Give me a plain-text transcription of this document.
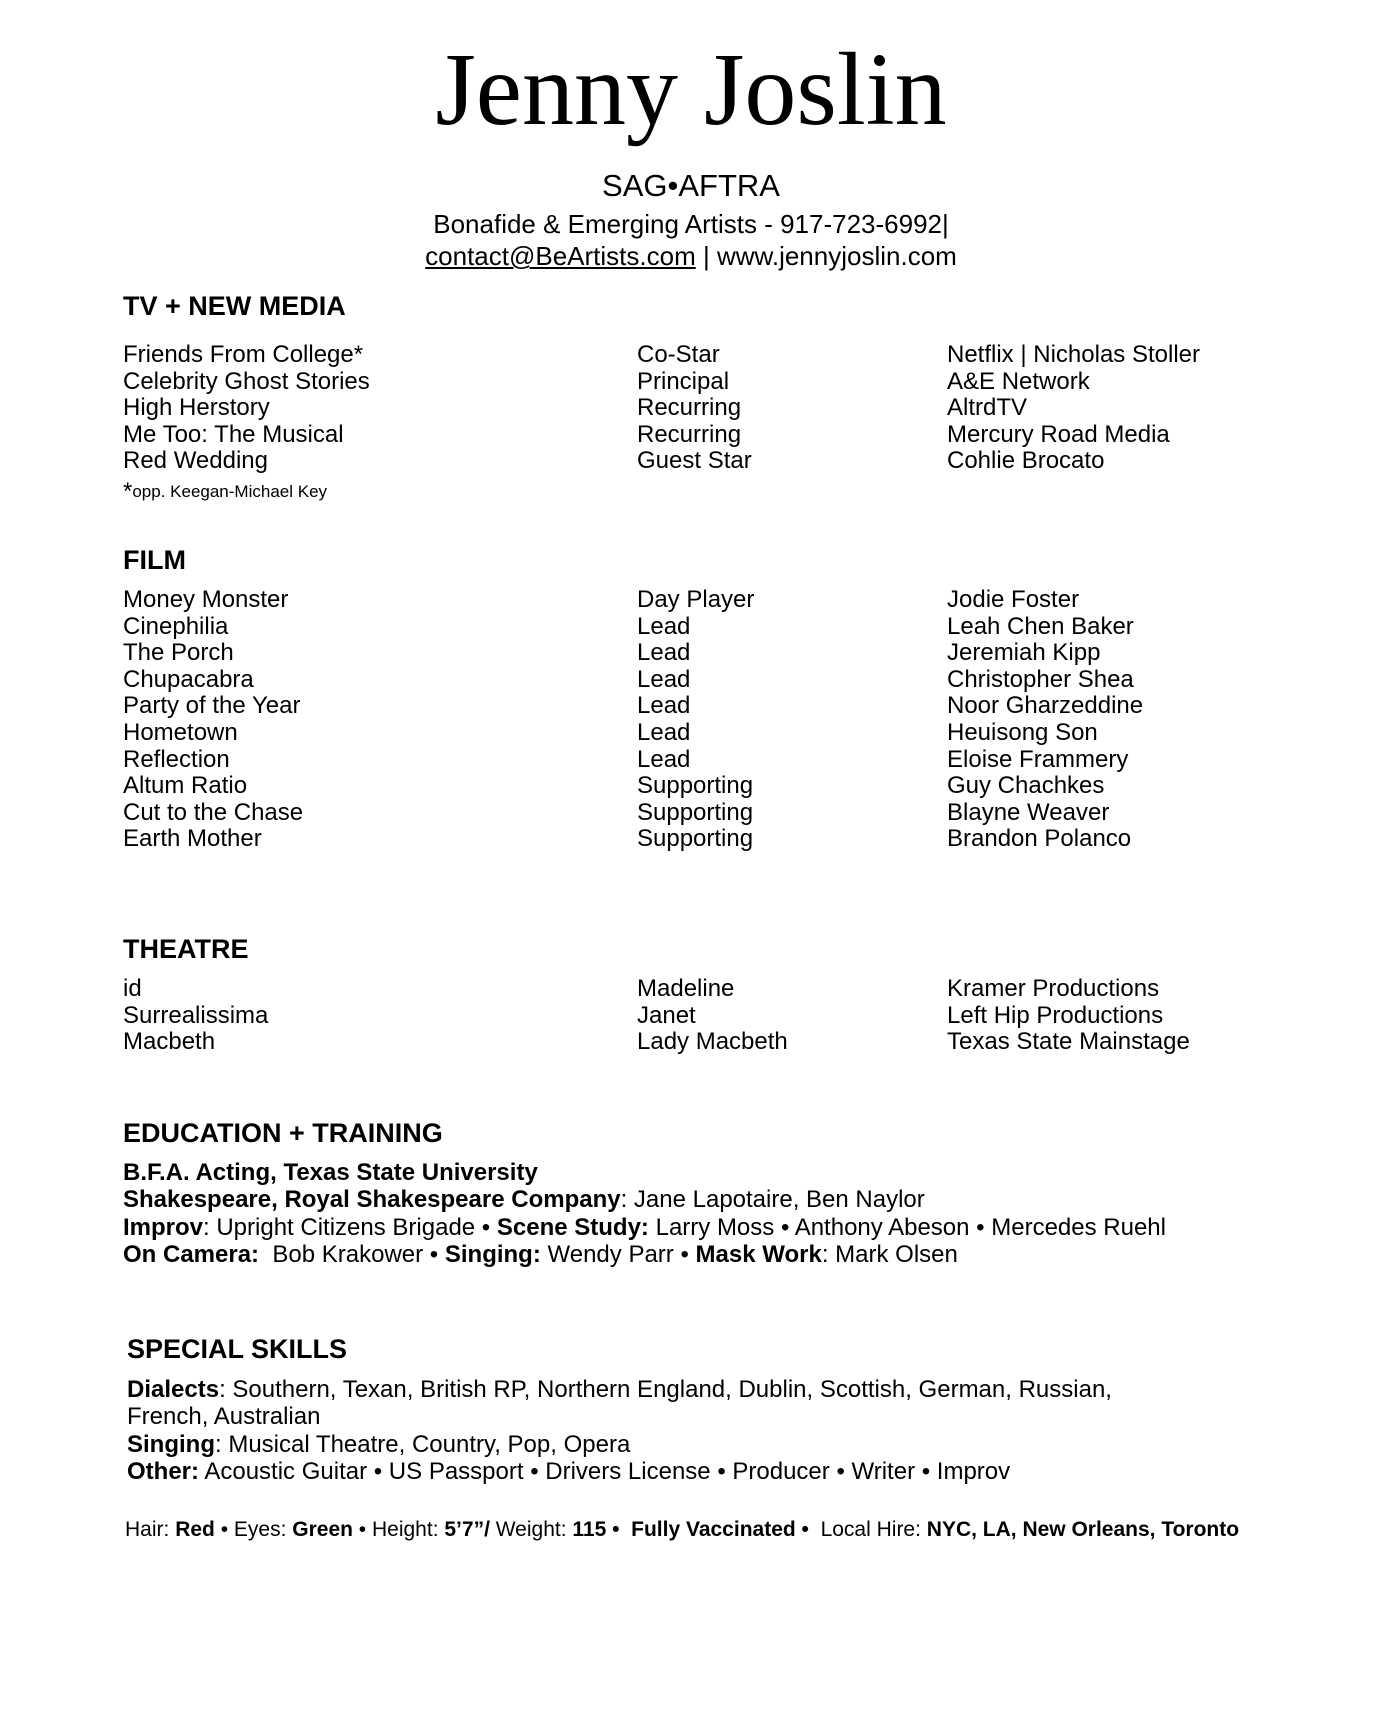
Jenny Joslin
SAG•AFTRA
Bonafide & Emerging Artists - 917-723-6992|
contact@BeArtists.com | www.jennyjoslin.com
TV + NEW MEDIA
Friends From College*	Co-Star	Netflix | Nicholas Stoller
Celebrity Ghost Stories	Principal	A&E Network
High Herstory	Recurring	AltrdTV
Me Too: The Musical	Recurring	Mercury Road Media
Red Wedding	Guest Star	Cohlie Brocato
*opp. Keegan-Michael Key
FILM
Money Monster	Day Player	Jodie Foster
Cinephilia	Lead	Leah Chen Baker
The Porch	Lead	Jeremiah Kipp
Chupacabra	Lead	Christopher Shea
Party of the Year	Lead	Noor Gharzeddine
Hometown	Lead	Heuisong Son
Reflection	Lead	Eloise Frammery
Altum Ratio	Supporting	Guy Chachkes
Cut to the Chase	Supporting	Blayne Weaver
Earth Mother	Supporting	Brandon Polanco
THEATRE
id	Madeline	Kramer Productions
Surrealissima	Janet	Left Hip Productions
Macbeth	Lady Macbeth	Texas State Mainstage
EDUCATION + TRAINING
B.F.A. Acting, Texas State University
Shakespeare, Royal Shakespeare Company: Jane Lapotaire, Ben Naylor
Improv: Upright Citizens Brigade • Scene Study: Larry Moss • Anthony Abeson • Mercedes Ruehl
On Camera:  Bob Krakower • Singing: Wendy Parr • Mask Work: Mark Olsen
SPECIAL SKILLS
Dialects: Southern, Texan, British RP, Northern England, Dublin, Scottish, German, Russian,
French, Australian
Singing: Musical Theatre, Country, Pop, Opera
Other: Acoustic Guitar • US Passport • Drivers License • Producer • Writer • Improv
Hair: Red • Eyes: Green • Height: 5’7”/ Weight: 115 •  Fully Vaccinated •  Local Hire: NYC, LA, New Orleans, Toronto
